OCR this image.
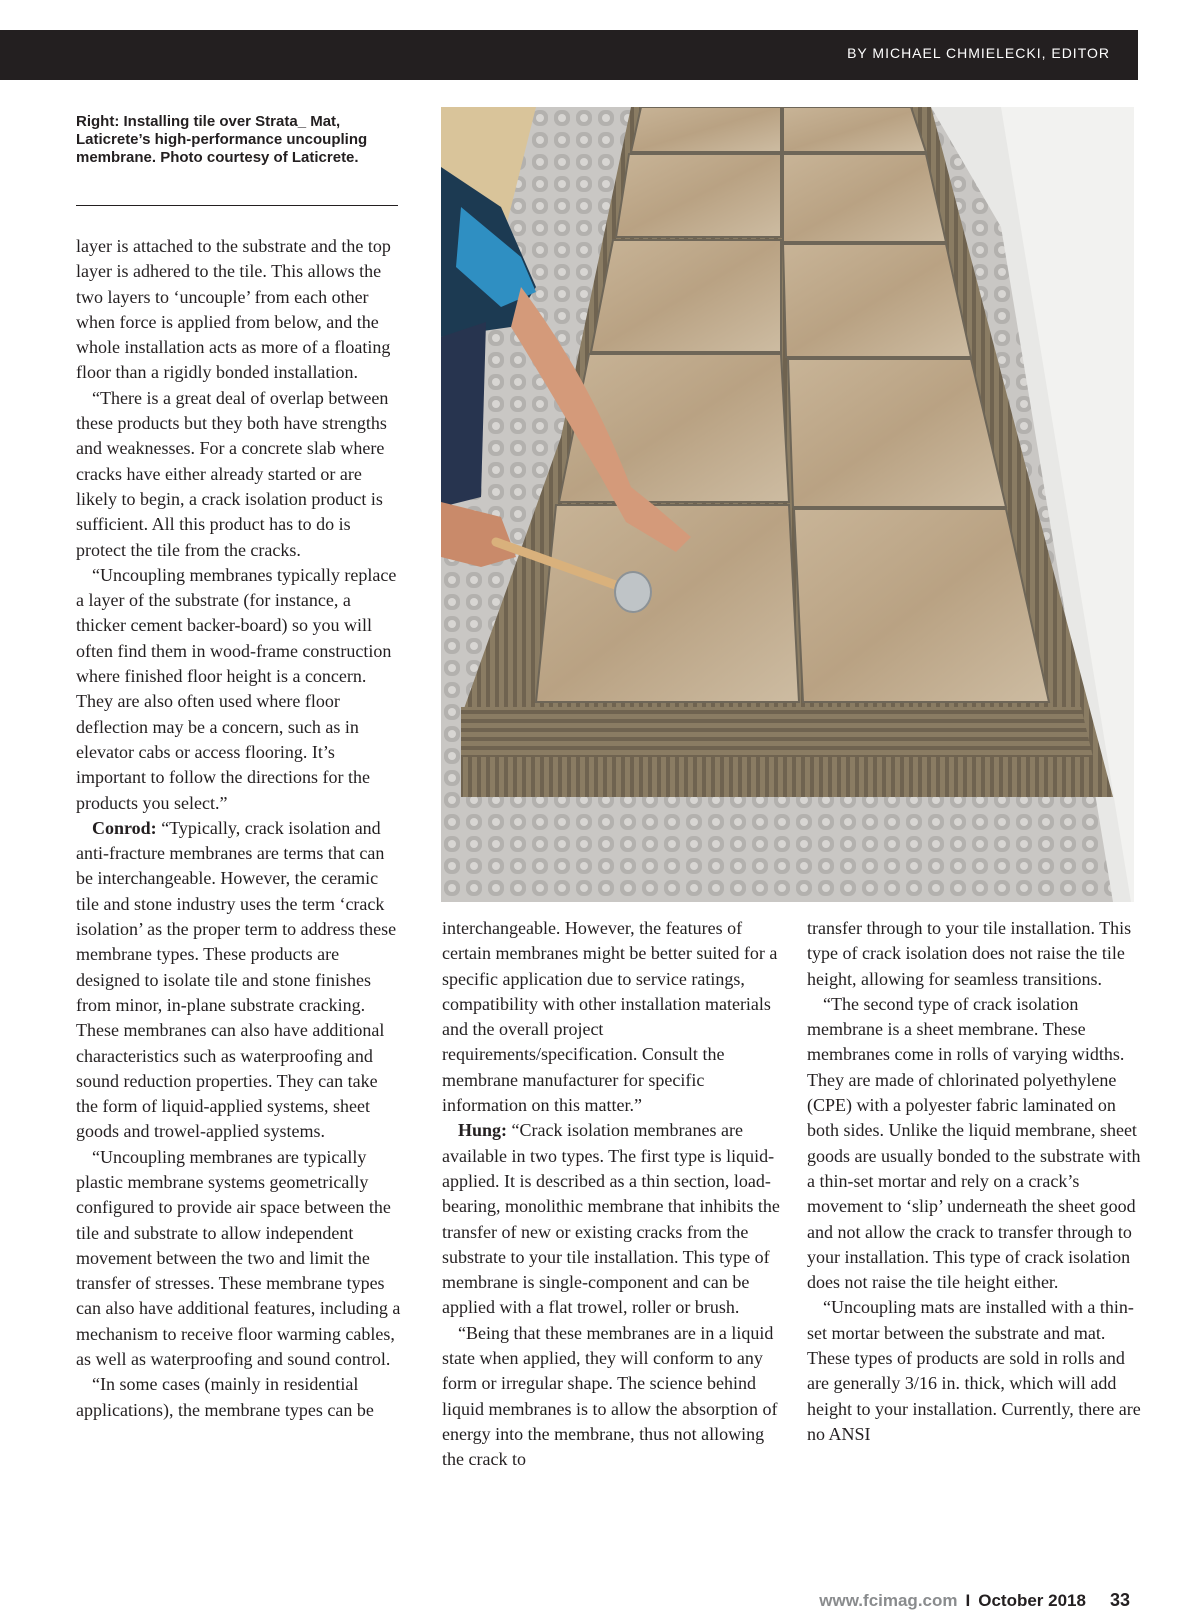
BY MICHAEL CHMIELECKI, EDITOR
Right: Installing tile over Strata_ Mat, Laticrete’s high-performance uncoupling membrane. Photo courtesy of Laticrete.

layer is attached to the substrate and the top layer is adhered to the tile. This allows the two layers to ‘uncouple’ from each other when force is applied from below, and the whole installation acts as more of a floating floor than a rigidly bonded installation.

“There is a great deal of overlap between these products but they both have strengths and weaknesses. For a concrete slab where cracks have either already started or are likely to begin, a crack isolation product is sufficient. All this product has to do is protect the tile from the cracks.

“Uncoupling membranes typically replace a layer of the substrate (for instance, a thicker cement backer-board) so you will often find them in wood-frame construction where finished floor height is a concern. They are also often used where floor deflection may be a concern, such as in elevator cabs or access flooring. It’s important to follow the directions for the products you select.”

Conrod: “Typically, crack isolation and anti-fracture membranes are terms that can be interchangeable. However, the ceramic tile and stone industry uses the term ‘crack isolation’ as the proper term to address these membrane types. These products are designed to isolate tile and stone finishes from minor, in-plane substrate cracking. These membranes can also have additional characteristics such as waterproofing and sound reduction properties. They can take the form of liquid-applied systems, sheet goods and trowel-applied systems.

“Uncoupling membranes are typically plastic membrane systems geometrically configured to provide air space between the tile and substrate to allow independent movement between the two and limit the transfer of stresses. These membrane types can also have additional features, including a mechanism to receive floor warming cables, as well as waterproofing and sound control.

“In some cases (mainly in residential applications), the membrane types can be

interchangeable. However, the features of certain membranes might be better suited for a specific application due to service ratings, compatibility with other installation materials and the overall project requirements/specification. Consult the membrane manufacturer for specific information on this matter.”

Hung: “Crack isolation membranes are available in two types. The first type is liquid-applied. It is described as a thin section, load-bearing, monolithic membrane that inhibits the transfer of new or existing cracks from the substrate to your tile installation. This type of membrane is single-component and can be applied with a flat trowel, roller or brush.

“Being that these membranes are in a liquid state when applied, they will conform to any form or irregular shape. The science behind liquid membranes is to allow the absorption of energy into the membrane, thus not allowing the crack to

transfer through to your tile installation. This type of crack isolation does not raise the tile height, allowing for seamless transitions.

“The second type of crack isolation membrane is a sheet membrane. These membranes come in rolls of varying widths. They are made of chlorinated polyethylene (CPE) with a polyester fabric laminated on both sides. Unlike the liquid membrane, sheet goods are usually bonded to the substrate with a thin-set mortar and rely on a crack’s movement to ‘slip’ underneath the sheet good and not allow the crack to transfer through to your installation. This type of crack isolation does not raise the tile height either.

“Uncoupling mats are installed with a thin-set mortar between the substrate and mat. These types of products are sold in rolls and are generally 3/16 in. thick, which will add height to your installation. Currently, there are no ANSI

www.fcimag.com I October 2018 33
